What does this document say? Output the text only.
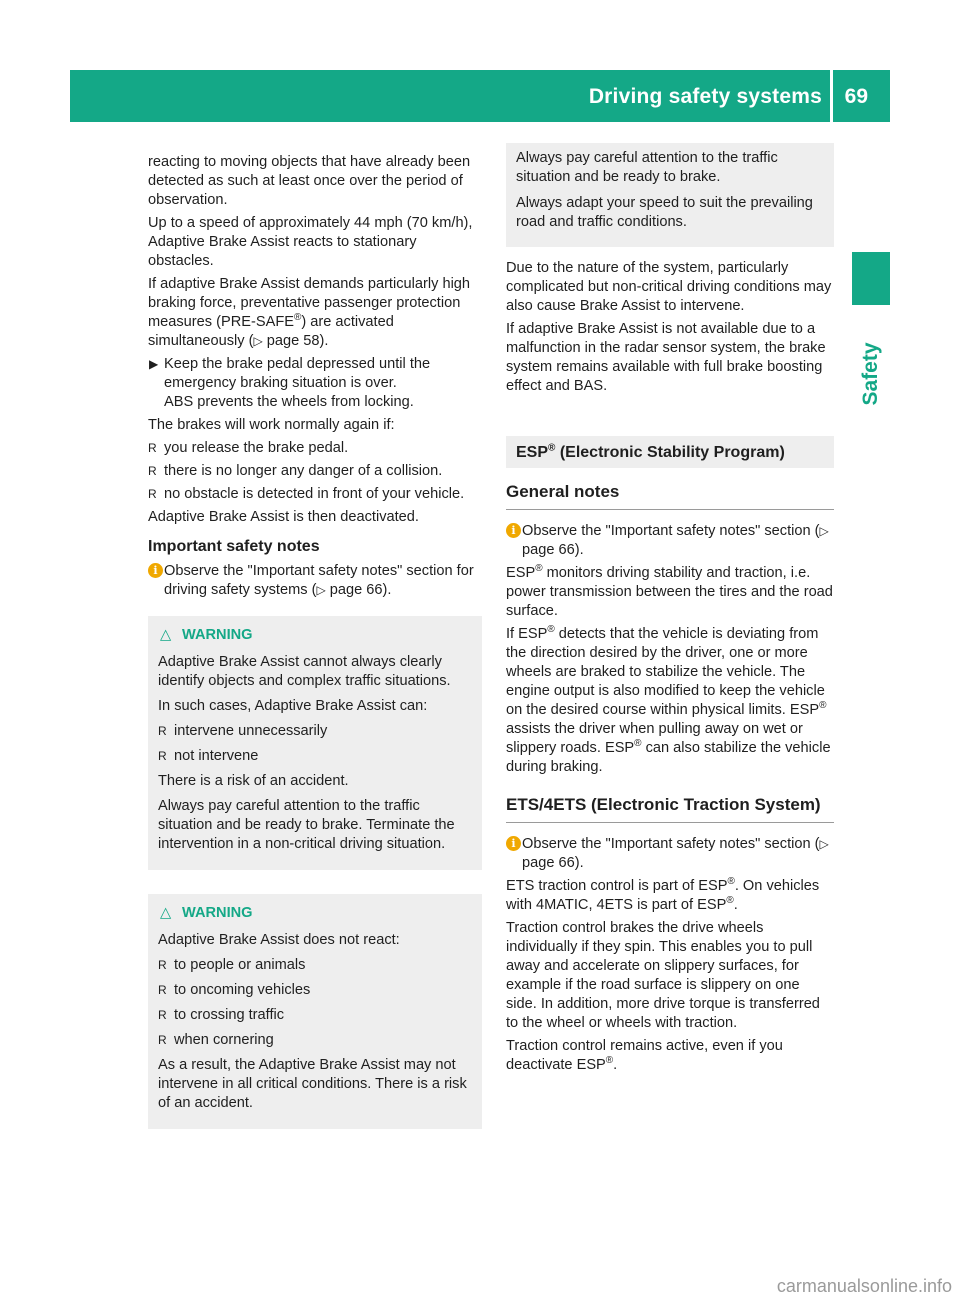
Driving safety systems 69
Safety

reacting to moving objects that have already been detected as such at least once over the period of observation.

Up to a speed of approximately 44 mph (70 km/h), Adaptive Brake Assist reacts to stationary obstacles.

If adaptive Brake Assist demands particularly high braking force, preventative passenger protection measures (PRE-SAFE®) are activated simultaneously (▷ page 58).

▶ Keep the brake pedal depressed until the emergency braking situation is over.
ABS prevents the wheels from locking.

The brakes will work normally again if:

R you release the brake pedal.
R there is no longer any danger of a collision.
R no obstacle is detected in front of your vehicle.

Adaptive Brake Assist is then deactivated.

Important safety notes
i Observe the "Important safety notes" section for driving safety systems (▷ page 66).

△ WARNING

Adaptive Brake Assist cannot always clearly identify objects and complex traffic situations.

In such cases, Adaptive Brake Assist can:

R intervene unnecessarily
R not intervene

There is a risk of an accident.

Always pay careful attention to the traffic situation and be ready to brake. Terminate the intervention in a non-critical driving situation.

△ WARNING

Adaptive Brake Assist does not react:

R to people or animals
R to oncoming vehicles
R to crossing traffic
R when cornering

As a result, the Adaptive Brake Assist may not intervene in all critical conditions. There is a risk of an accident.

Always pay careful attention to the traffic situation and be ready to brake.

Always adapt your speed to suit the prevailing road and traffic conditions.

Due to the nature of the system, particularly complicated but non-critical driving conditions may also cause Brake Assist to intervene.

If adaptive Brake Assist is not available due to a malfunction in the radar sensor system, the brake system remains available with full brake boosting effect and BAS.

ESP® (Electronic Stability Program)
General notes
i Observe the "Important safety notes" section (▷ page 66).

ESP® monitors driving stability and traction, i.e. power transmission between the tires and the road surface.

If ESP® detects that the vehicle is deviating from the direction desired by the driver, one or more wheels are braked to stabilize the vehicle. The engine output is also modified to keep the vehicle on the desired course within physical limits. ESP® assists the driver when pulling away on wet or slippery roads. ESP® can also stabilize the vehicle during braking.

ETS/4ETS (Electronic Traction System)
i Observe the "Important safety notes" section (▷ page 66).

ETS traction control is part of ESP®. On vehicles with 4MATIC, 4ETS is part of ESP®.

Traction control brakes the drive wheels individually if they spin. This enables you to pull away and accelerate on slippery surfaces, for example if the road surface is slippery on one side. In addition, more drive torque is transferred to the wheel or wheels with traction.

Traction control remains active, even if you deactivate ESP®.

carmanualsonline.info
